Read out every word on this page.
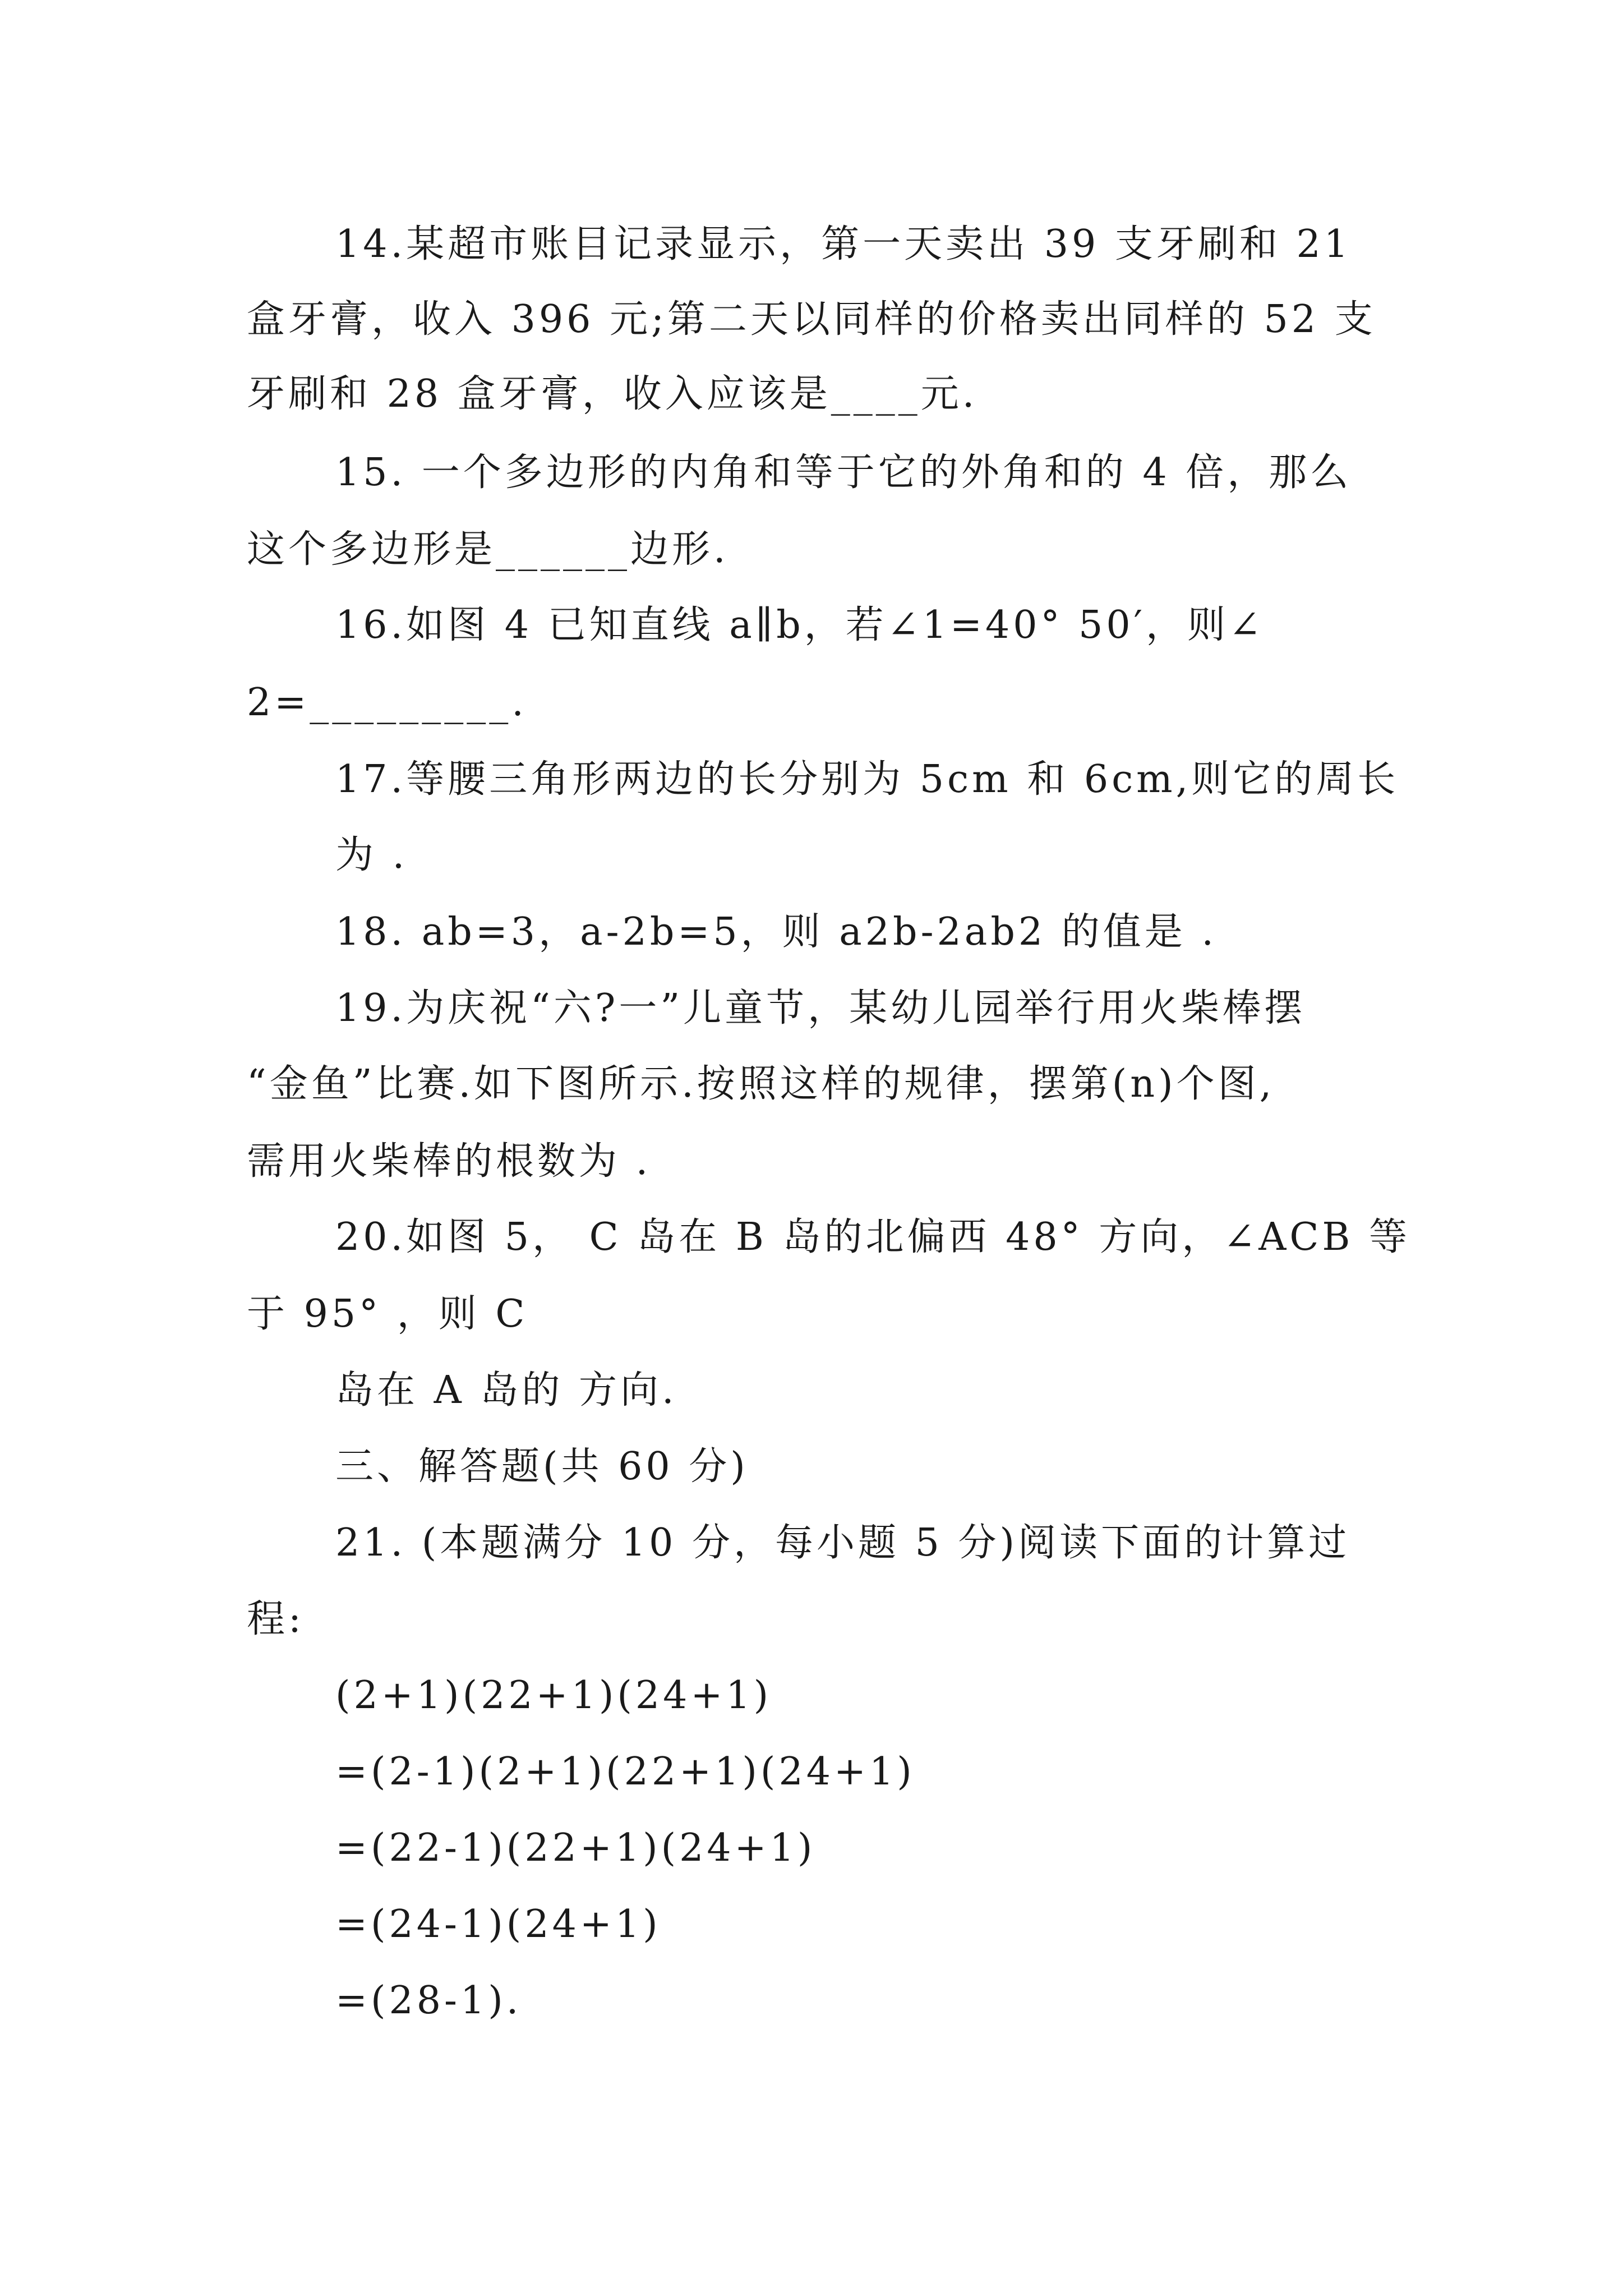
14.某超市账目记录显示，第一天卖出 39 支牙刷和 21
盒牙膏，收入 396 元;第二天以同样的价格卖出同样的 52 支
牙刷和 28 盒牙膏，收入应该是____元.
15. 一个多边形的内角和等于它的外角和的 4 倍，那么
这个多边形是______边形.
16.如图 4 已知直线 a∥b，若∠1=40° 50′，则∠
2=_________.
17.等腰三角形两边的长分别为 5cm 和 6cm,则它的周长
为 .
18. ab=3，a-2b=5，则 a2b-2ab2 的值是 .
19.为庆祝“六?一”儿童节，某幼儿园举行用火柴棒摆
“金鱼”比赛.如下图所示.按照这样的规律，摆第(n)个图,
需用火柴棒的根数为 .
20.如图 5， C 岛在 B 岛的北偏西 48° 方向，∠ACB 等
于 95° ，则 C
岛在 A 岛的 方向.
三、解答题(共 60 分)
21. (本题满分 10 分，每小题 5 分)阅读下面的计算过
程:
(2+1)(22+1)(24+1)
=(2-1)(2+1)(22+1)(24+1)
=(22-1)(22+1)(24+1)
=(24-1)(24+1)
=(28-1).
